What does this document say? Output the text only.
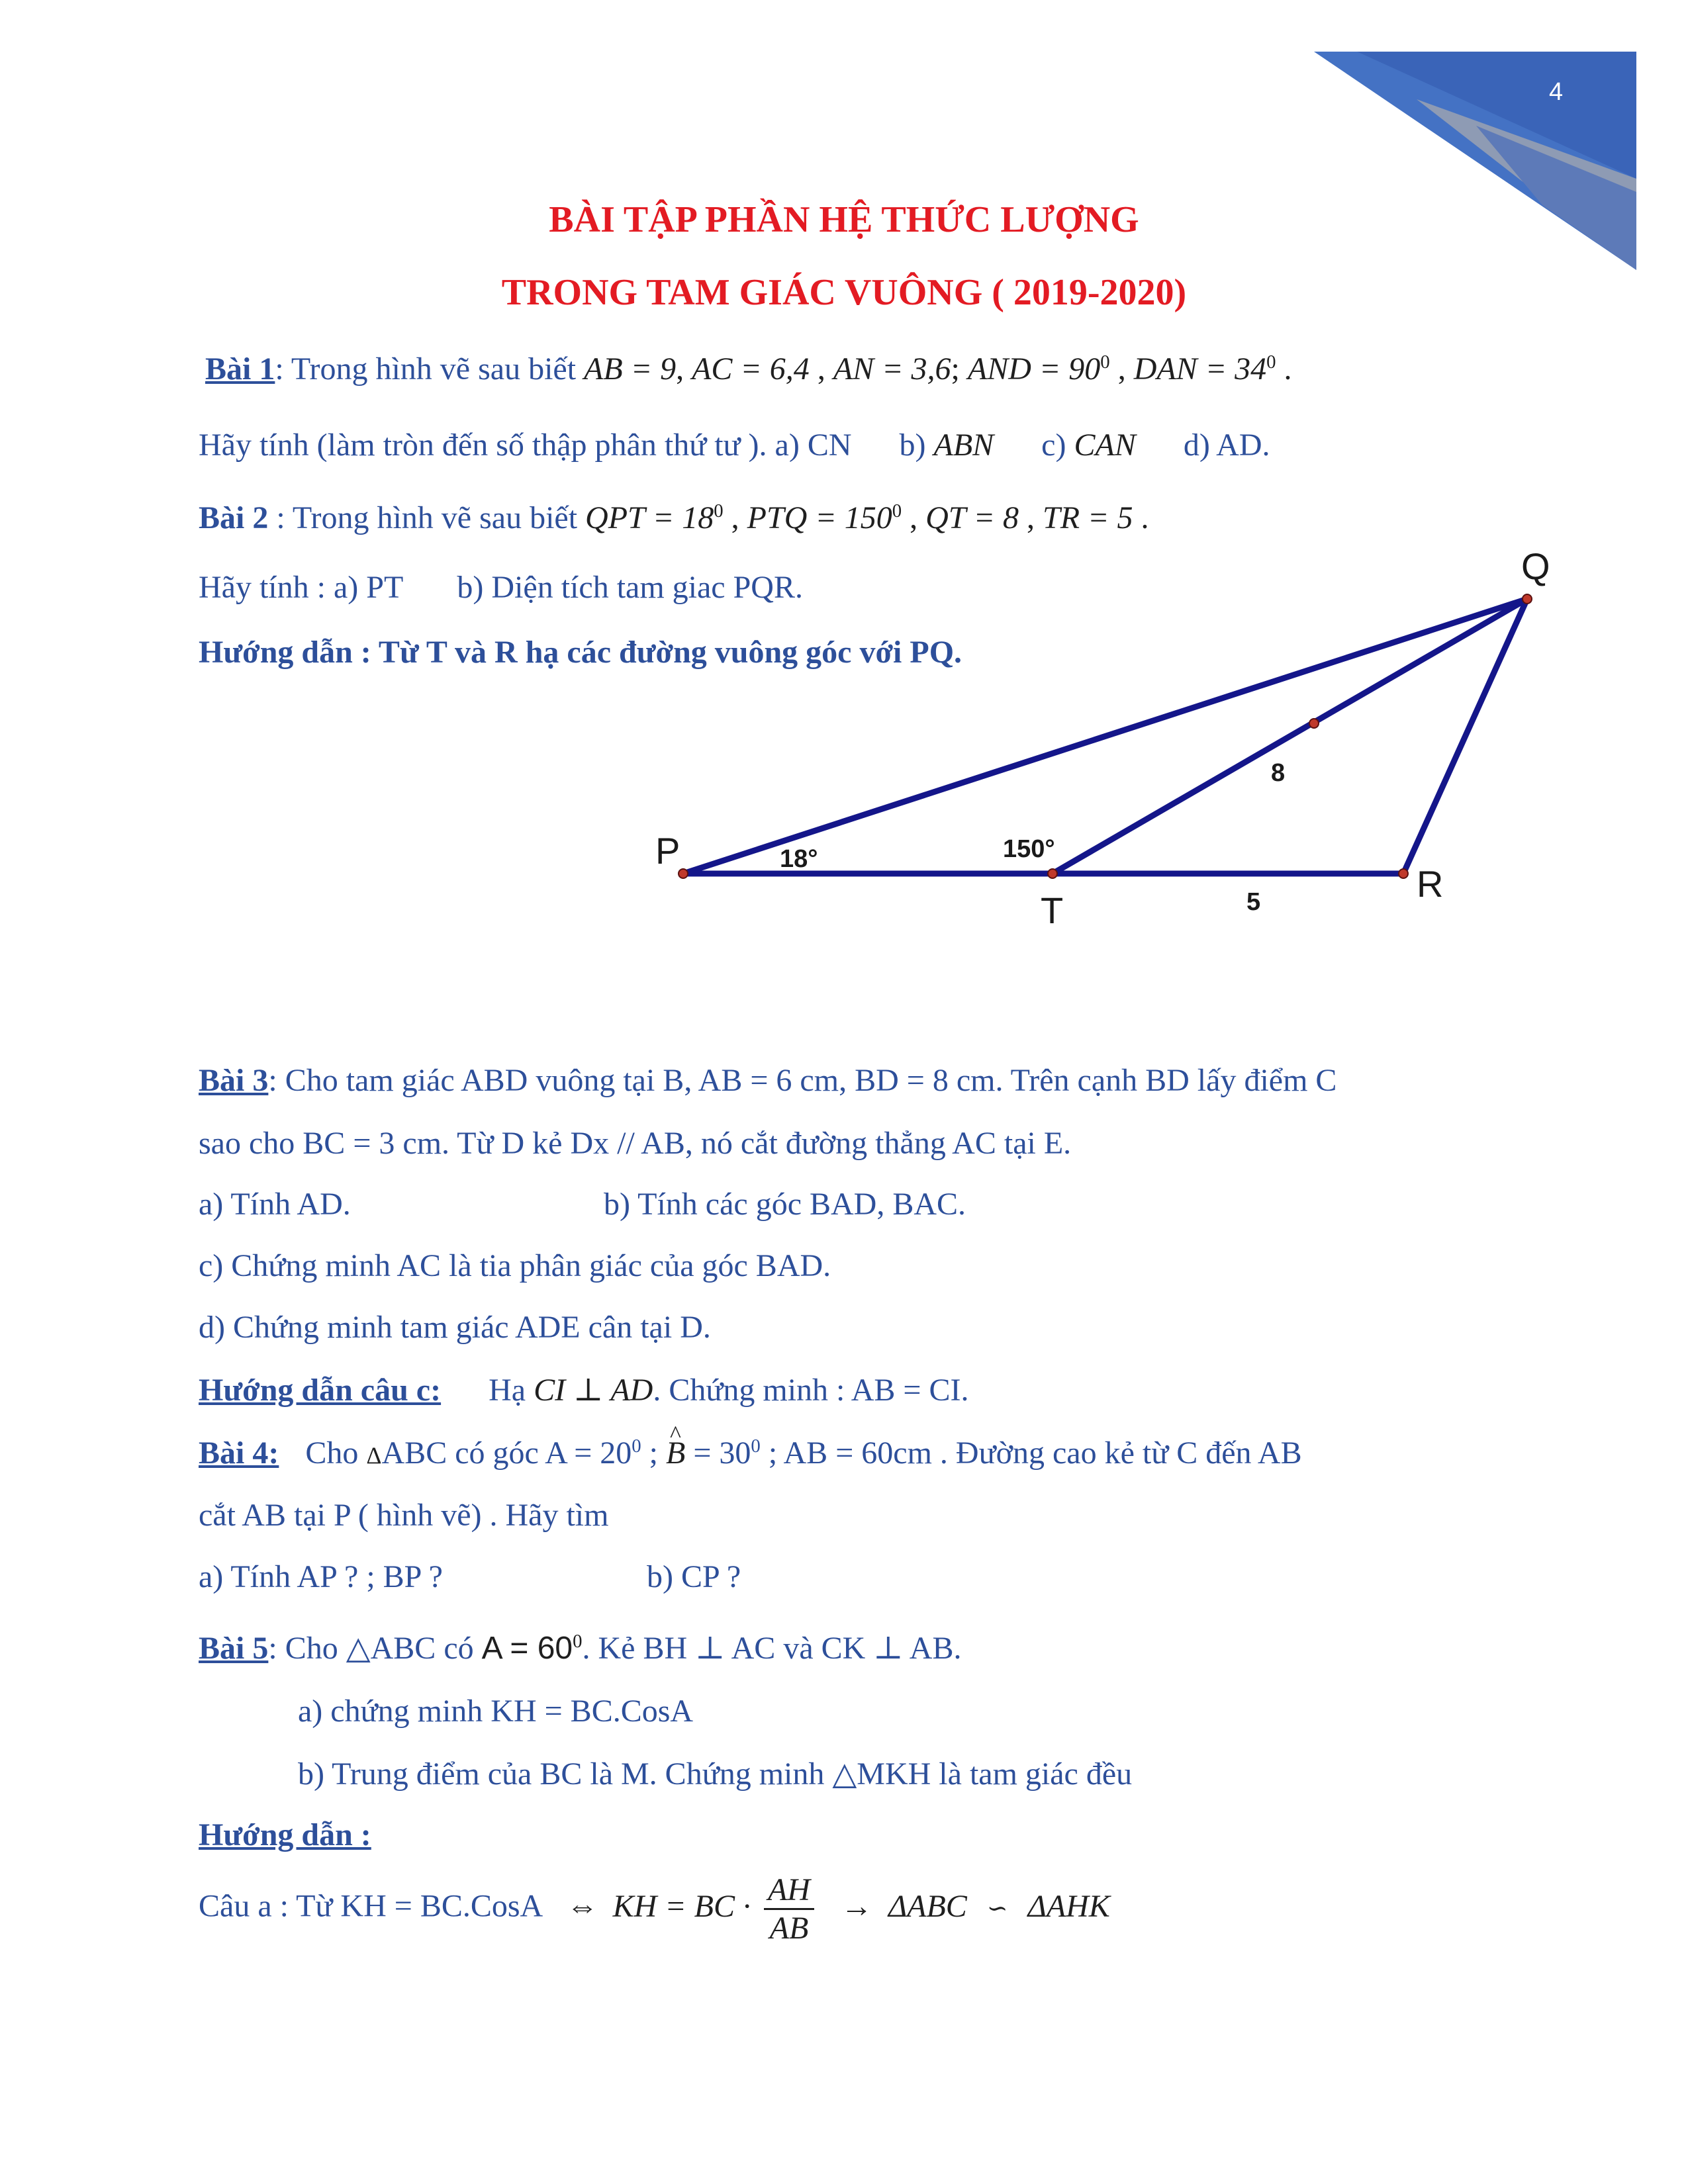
4
BÀI TẬP PHẦN HỆ THỨC LƯỢNG
TRONG TAM GIÁC VUÔNG ( 2019-2020)
Bài 1: Trong hình vẽ sau biết AB = 9, AC = 6,4 , AN = 3,6; AND = $90^0$ , DAN = $34^0$ .
Hãy tính (làm tròn đến số thập phân thứ tư ). a) CN b) ABN c) CAN d) AD.
Bài 2 : Trong hình vẽ sau biết QPT = $18^0$ , PTQ = $150^0$ , QT = 8 , TR = 5 .
Hãy tính : a) PT b) Diện tích tam giac PQR.
Hướng dẫn : Từ T và R hạ các đường vuông góc với PQ.
P
Q
R
T
18°	150°
8
5
Bài 3: Cho tam giác ABD vuông tại B, AB = 6 cm, BD = 8 cm. Trên cạnh BD lấy điểm C
sao cho BC = 3 cm. Từ D kẻ Dx // AB, nó cắt đường thẳng AC tại E.
a) Tính AD.	b) Tính các góc BAD, BAC.
c) Chứng minh AC là tia phân giác của góc BAD.
d) Chứng minh tam giác ADE cân tại D.
Hướng dẫn câu c: Hạ CI ⊥ AD. Chứng minh : AB = CI.
Bài 4: Cho ΔABC có góc $A = 20^0$ ; ^ $B = 30^0$ ; AB = 60cm . Đường cao kẻ từ C đến AB
cắt AB tại P ( hình vẽ) . Hãy tìm
a) Tính AP ? ; BP ?	b) CP ?
Bài 5: Cho △ABC có $A = 60^0$. Kẻ BH ⊥ AC và CK ⊥ AB.
a) chứng minh KH = BC.CosA
b) Trung điểm của BC là M. Chứng minh △MKH là tam giác đều
Hướng dẫn :
Câu a : Từ KH = BC.CosA ⇔ KH = BC · $\frac{AH}{AB} \to \Delta ABC$ ∽ ΔAHK
